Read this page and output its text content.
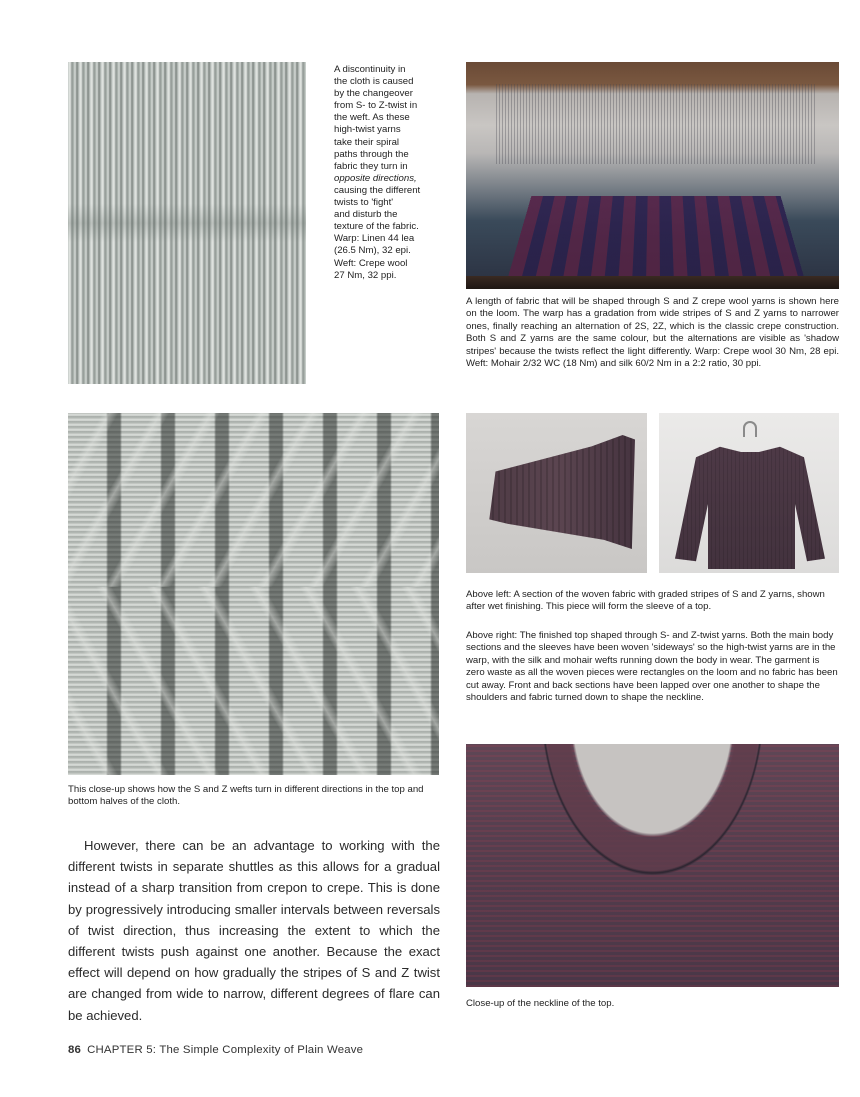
A discontinuity in
the cloth is caused
by the changeover
from S- to Z-twist in
the weft. As these
high-twist yarns
take their spiral
paths through the
fabric they turn in
opposite directions,
causing the different
twists to 'fight'
and disturb the
texture of the fabric.
Warp: Linen 44 lea
(26.5 Nm), 32 epi.
Weft: Crepe wool
27 Nm, 32 ppi.

A length of fabric that will be shaped through S and Z crepe wool yarns is shown here on the loom. The warp has a gradation from wide stripes of S and Z yarns to narrower ones, finally reaching an alternation of 2S, 2Z, which is the classic crepe construction. Both S and Z yarns are the same colour, but the alternations are visible as 'shadow stripes' because the twists reflect the light differently. Warp: Crepe wool 30 Nm, 28 epi. Weft: Mohair 2/32 WC (18 Nm) and silk 60/2 Nm in a 2:2 ratio, 30 ppi.

This close-up shows how the S and Z wefts turn in different directions in the top and bottom halves of the cloth.

Above left: A section of the woven fabric with graded stripes of S and Z yarns, shown after wet finishing. This piece will form the sleeve of a top.

Above right: The finished top shaped through S- and Z-twist yarns. Both the main body sections and the sleeves have been woven 'sideways' so the high-twist yarns are in the warp, with the silk and mohair wefts running down the body in wear. The garment is zero waste as all the woven pieces were rectangles on the loom and no fabric has been cut away. Front and back sections have been lapped over one another to shape the shoulders and fabric turned down to shape the neckline.

Close-up of the neckline of the top.

However, there can be an advantage to working with the different twists in separate shuttles as this allows for a gradual instead of a sharp transition from crepon to crepe. This is done by progressively introducing smaller intervals between reversals of twist direction, thus increasing the extent to which the different twists push against one another. Because the exact effect will depend on how gradually the stripes of S and Z twist are changed from wide to narrow, different degrees of flare can be achieved.

86 CHAPTER 5: The Simple Complexity of Plain Weave
